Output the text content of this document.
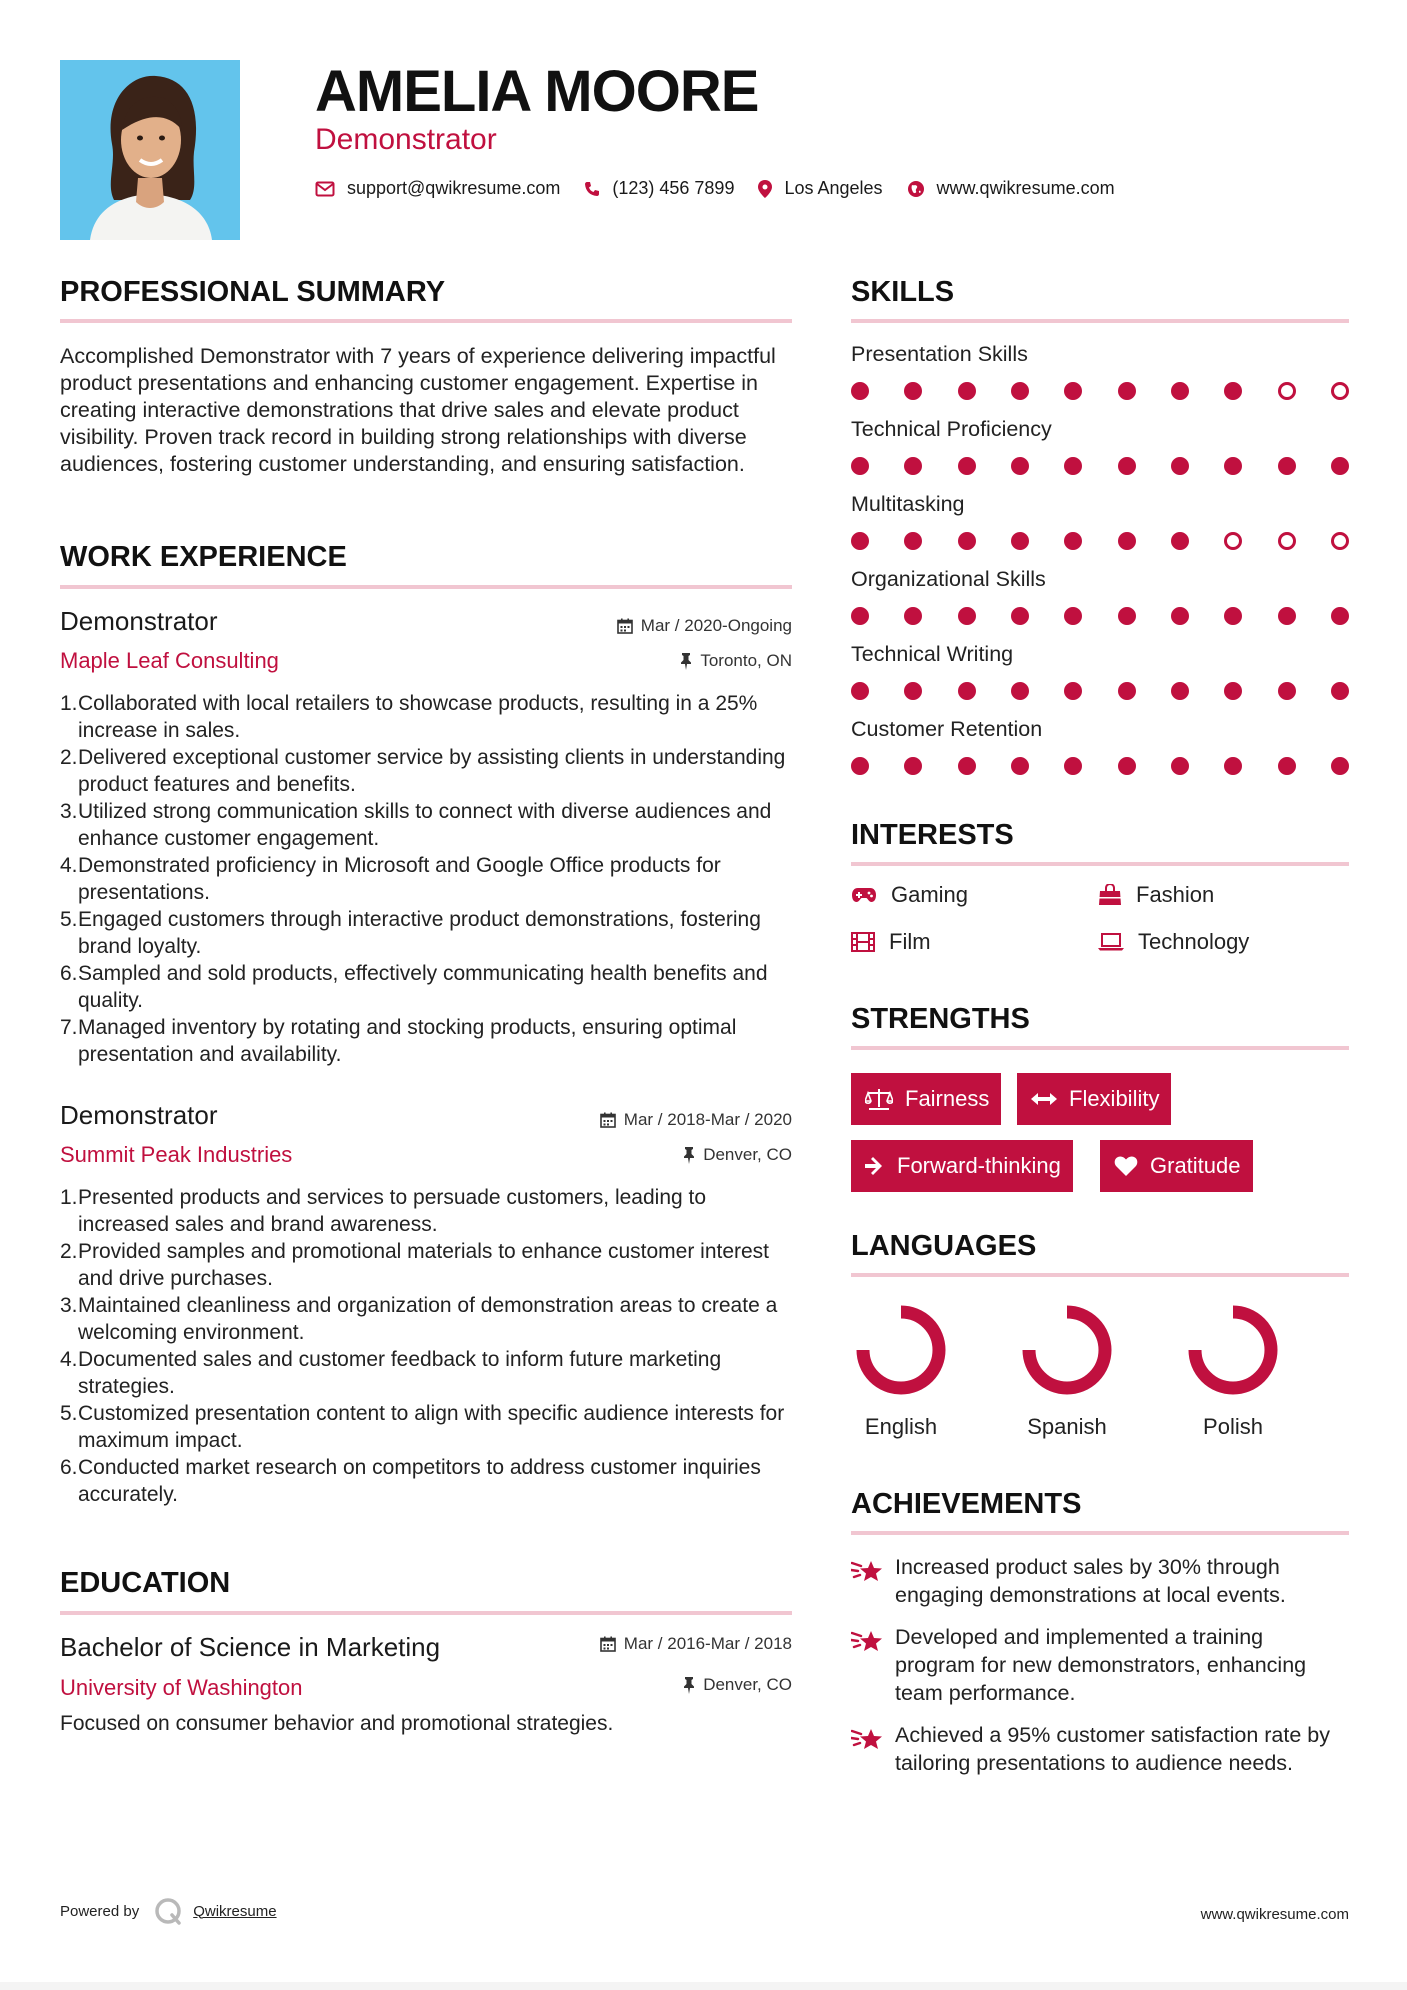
AMELIA MOORE
Demonstrator
support@qwikresume.com	(123) 456 7899	Los Angeles	www.qwikresume.com
PROFESSIONAL SUMMARY
Accomplished Demonstrator with 7 years of experience delivering impactful product presentations and enhancing customer engagement. Expertise in creating interactive demonstrations that drive sales and elevate product visibility. Proven track record in building strong relationships with diverse audiences, fostering customer understanding, and ensuring satisfaction.
WORK EXPERIENCE
Demonstrator
Maple Leaf Consulting
Mar / 2020-Ongoing
Toronto, ON
1. Collaborated with local retailers to showcase products, resulting in a 25% increase in sales.
2. Delivered exceptional customer service by assisting clients in understanding product features and benefits.
3. Utilized strong communication skills to connect with diverse audiences and enhance customer engagement.
4. Demonstrated proficiency in Microsoft and Google Office products for presentations.
5. Engaged customers through interactive product demonstrations, fostering brand loyalty.
6. Sampled and sold products, effectively communicating health benefits and quality.
7. Managed inventory by rotating and stocking products, ensuring optimal presentation and availability.
Demonstrator
Summit Peak Industries
Mar / 2018-Mar / 2020
Denver, CO
1. Presented products and services to persuade customers, leading to increased sales and brand awareness.
2. Provided samples and promotional materials to enhance customer interest and drive purchases.
3. Maintained cleanliness and organization of demonstration areas to create a welcoming environment.
4. Documented sales and customer feedback to inform future marketing strategies.
5. Customized presentation content to align with specific audience interests for maximum impact.
6. Conducted market research on competitors to address customer inquiries accurately.
EDUCATION
Bachelor of Science in Marketing
University of Washington
Mar / 2016-Mar / 2018
Denver, CO
Focused on consumer behavior and promotional strategies.
SKILLS
Presentation Skills
Technical Proficiency
Multitasking
Organizational Skills
Technical Writing
Customer Retention
INTERESTS
Gaming	Fashion
Film	Technology
STRENGTHS
Fairness	Flexibility
Forward-thinking	Gratitude
LANGUAGES
English	Spanish	Polish
ACHIEVEMENTS
Increased product sales by 30% through engaging demonstrations at local events.
Developed and implemented a training program for new demonstrators, enhancing team performance.
Achieved a 95% customer satisfaction rate by tailoring presentations to audience needs.
Powered by	Qwikresume	www.qwikresume.com
